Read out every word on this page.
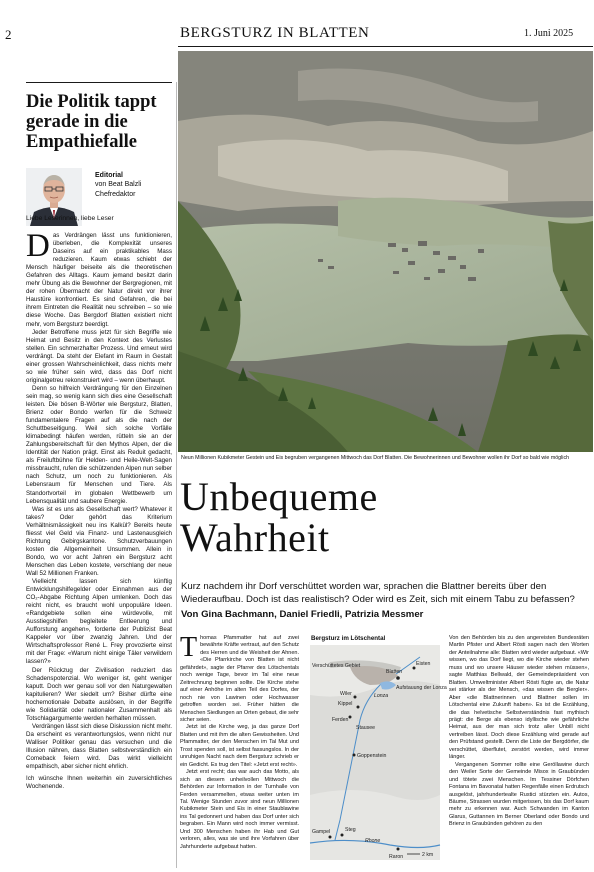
2	BERGSTURZ IN BLATTEN	1. Juni 2025
Die Politik tappt gerade in die Empathiefalle
Editorial
von Beat Balzli
Chefredaktor
Liebe Leserinnen, liebe Leser

Das Verdrängen lässt uns funktionieren, überleben, die Komplexität unseres Daseins auf ein praktikables Mass reduzieren. Kaum etwas schiebt der Mensch häufiger beiseite als die theoretischen Gefahren des Alltags. Kaum jemand besitzt darin mehr Übung als die Bewohner der Bergregionen, mit der rohen Übermacht der Natur direkt vor ihrer Haustüre konfrontiert. Es sind Gefahren, die bei ihrem Eintreten die Realität neu schreiben – so wie diese Woche. Das Bergdorf Blatten existiert nicht mehr, vom Bergsturz beerdigt.

Jeder Betroffene muss jetzt für sich Begriffe wie Heimat und Besitz in den Kontext des Verlustes stellen. Ein schmerzhafter Prozess. Und erneut wird verdrängt. Da steht der Elefant im Raum in Gestalt einer grossen Wahrscheinlichkeit, dass nichts mehr so wie früher sein wird, dass das Dorf nicht originalgetreu rekonstruiert wird – wenn überhaupt.

Denn so hilfreich Verdrängung für den Einzelnen sein mag, so wenig kann sich dies eine Gesellschaft leisten. Die bösen B-Wörter wie Bergsturz, Blatten, Brienz oder Bondo werfen für die Schweiz fundamentalere Fragen auf als die nach der Schuttbeseitigung. Weil sich solche Vorfälle klimabedingt häufen werden, rütteln sie an der Zahlungsbereitschaft für den Mythos Alpen, der die Identität der Nation prägt. Einst als Reduit gedacht, als Freiluftbühne für Helden- und Heile-Welt-Sagen missbraucht, rufen die schützenden Alpen nun selber nach Schutz, um noch zu funktionieren. Als Lebensraum für Menschen und Tiere. Als Standortvorteil im globalen Wettbewerb um Lebensqualität und saubere Energie.

Was ist es uns als Gesellschaft wert? Whatever it takes? Oder gehört das Kriterium Verhältnismässigkeit neu ins Kalkül? Bereits heute fliesst viel Geld via Finanz- und Lastenausgleich Richtung Gebirgskantone. Schutzverbauungen kosten die Allgemeinheit Unsummen. Allein in Bondo, wo vor acht Jahren ein Bergsturz acht Menschen das Leben kostete, verschlang der neue Wall 52 Millionen Franken.

Vielleicht lassen sich künftig Entwicklungshilfegelder oder Einnahmen aus der CO₂-Abgabe Richtung Alpen umlenken. Doch das reicht nicht, es braucht wohl unpopuläre Ideen. «Randgebiete sollen eine würdevolle, mit Ausstiegshilfen begleitete Entleerung und Aufforstung angehen», forderte der Publizist Beat Kappeler vor über zwanzig Jahren. Und der Wirtschaftsprofessor René L. Frey provozierte einst mit der Frage: «Warum nicht einige Täler verwildern lassen?»

Der Rückzug der Zivilisation reduziert das Schadenspotenzial. Wo weniger ist, geht weniger kaputt. Doch wer genau soll vor den Naturgewalten kapitulieren? Wer siedelt um? Bisher dürfte eine hochemotionale Debatte auslösen, in der Begriffe wie Solidarität oder nationaler Zusammenhalt als Totschlagargumente werden herhalten müssen.

Verdrängen lässt sich diese Diskussion nicht mehr. Da erscheint es verantwortungslos, wenn nicht nur Walliser Politiker genau das versuchen und die Illusion nähren, dass Blatten selbstverständlich ein Comeback feiern wird. Das wirkt vielleicht empathisch, aber sicher nicht ehrlich.

Ich wünsche Ihnen weiterhin ein zuversichtliches Wochenende.

Neun Millionen Kubikmeter Gestein und Eis begruben vergangenen Mittwoch das Dorf Blatten. Die Bewohnerinnen und Bewohner wollen ihr Dorf so bald wie möglich
Unbequeme
Wahrheit
Kurz nachdem ihr Dorf verschüttet worden war, sprachen die Blattner bereits über den Wiederaufbau. Doch ist das realistisch? Oder wird es Zeit, sich mit einem Tabu zu befassen?
Von Gina Bachmann, Daniel Friedli, Patrizia Messmer

Thomas Pfammatter hat auf zwei bewährte Kräfte vertraut, auf den Schutz des Herren und die Weisheit der Ahnen. «Die Pfarrkirche von Blatten ist nicht gefährdet», sagte der Pfarrer des Lötschentals noch wenige Tage, bevor im Tal eine neue Zeitrechnung beginnen sollte. Die Kirche stehe auf einer Anhöhe im alten Teil des Dorfes, der noch nie von Lawinen oder Hochwasser getroffen worden sei. Früher hätten die Menschen Siedlungen an Orten gebaut, die sehr sicher seien.

Jetzt ist die Kirche weg, ja das ganze Dorf Blatten und mit ihm die alten Gewissheiten. Und Pfammatter, der den Menschen im Tal Mut und Trost spenden soll, ist selbst fassungslos. In der unruhigen Nacht nach dem Bergsturz schrieb er ein Gedicht. Es trug den Titel: «Jetzt erst recht».

Jetzt erst recht; das war auch das Motto, als sich an diesem unheilvollen Mittwoch die Behörden zur Information in der Turnhalle von Ferden versammelten, etwas weiter unten im Tal. Wenige Stunden zuvor sind neun Millionen Kubikmeter Stein und Eis in einer Staublawine ins Tal gedonnert und haben das Dorf unter sich begraben. Ein Mann wird noch immer vermisst. Und 300 Menschen haben ihr Hab und Gut verloren, alles, was sie und ihre Vorfahren über Jahrhunderte aufgebaut hatten.

Bergsturz im Lötschental
Verschüttetes Gebiet
Blatten
Eisten
Wiler
Kippel
Lonza
Aufstauung der Lonza
Ferden
Stausee
Goppenstein
Gampel	Steg
Rhone
Raron	2 km

Von den Behörden bis zu den angereisten Bundesräten Martin Pfister und Albert Rösti sagen nach den Worten der Anteilnahme alle: Blatten wird wieder aufgebaut. «Wir wissen, wo das Dorf liegt, wo die Kirche wieder stehen muss und wo unsere Häuser wieder stehen müssen», sagte Matthias Bellwald, der Gemeindepräsident von Blatten. Umweltminister Albert Rösti fügte an, die Natur sei stärker als der Mensch, «das wissen die Bergler». Aber «die Blattnerinnen und Blattner sollen im Lötschental eine Zukunft haben». Es ist die Erzählung, die das helvetische Selbstverständnis fast mythisch prägt: die Berge als ebenso idyllische wie gefährliche Heimat, aus der man sich trotz aller Unbill nicht vertreiben lässt. Doch diese Erzählung wird gerade auf den Prüfstand gestellt. Denn die Liste der Bergdörfer, die verschüttet, überflutet, zerstört werden, wird immer länger.

Vergangenen Sommer rollte eine Geröllawine durch den Weiler Sorte der Gemeinde Misox in Graubünden und tötete zwei Menschen. Im Tessiner Dörfchen Fontana im Bavonatal hatten Regenfälle einen Erdrutsch ausgelöst, jahrhundertealte Rustici stürzten ein. Autos, Bäume, Strassen wurden mitgerissen, bis das Dorf kaum mehr zu erkennen war. Auch Schwanden im Kanton Glarus, Guttannen im Berner Oberland oder Bondo und Brienz in Graubünden gehören zu den
